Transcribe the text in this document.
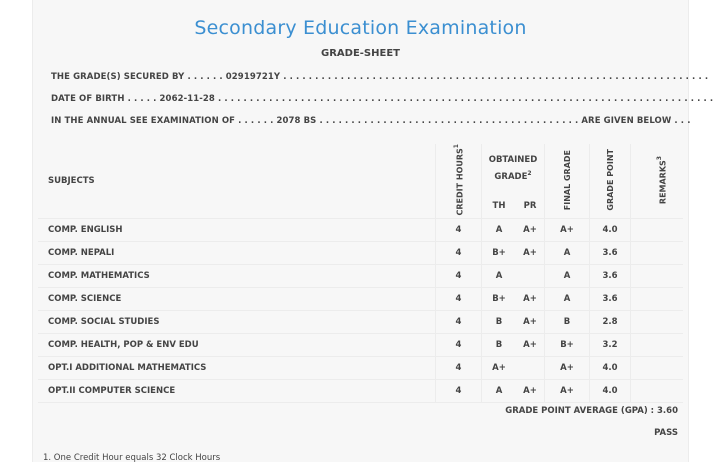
Secondary Education Examination
GRADE-SHEET
THE GRADE(S) SECURED BY . . . . . . 02919721Y . . . . . . . . . . . . . . . . . . . . . . . . . . . . . . . . . . . . . . . . . . . . . . . . . . . . . . . . . . . . . . . . . . .
DATE OF BIRTH . . . . . 2062-11-28 . . . . . . . . . . . . . . . . . . . . . . . . . . . . . . . . . . . . . . . . . . . . . . . . . . . . . . . . . . . . . . . . . . . . . . . . . . . . . .
IN THE ANNUAL SEE EXAMINATION OF . . . . . . 2078 BS . . . . . . . . . . . . . . . . . . . . . . . . . . . . . . . . . . . . . . . . . ARE GIVEN BELOW . . .
SUBJECTS	CREDIT HOURS$^1$	OBTAINED GRADE$^2$		FINAL GRADE	GRADE POINT	REMARKS$^3$
		TH	PR			
COMP. ENGLISH	4	A	A+	A+	4.0	
COMP. NEPALI	4	B+	A+	A	3.6	
COMP. MATHEMATICS	4	A		A	3.6	
COMP. SCIENCE	4	B+	A+	A	3.6	
COMP. SOCIAL STUDIES	4	B	A+	B	2.8	
COMP. HEALTH, POP & ENV EDU	4	B	A+	B+	3.2	
OPT.I ADDITIONAL MATHEMATICS	4	A+		A+	4.0	
OPT.II COMPUTER SCIENCE	4	A	A+	A+	4.0	
GRADE POINT AVERAGE (GPA) : 3.60
PASS
1. One Credit Hour equals 32 Clock Hours
